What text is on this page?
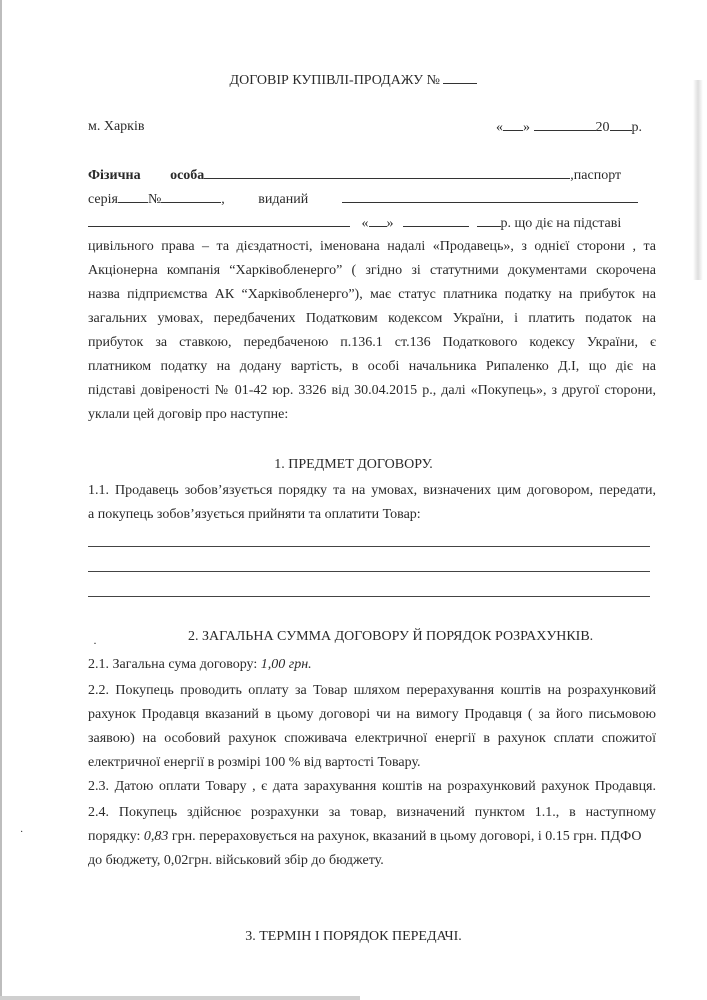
ДОГОВІР КУПІВЛІ-ПРОДАЖУ №
м. Харків	« »	20 р.
Фізична особа	,паспорт
серія №	, виданий
« »	р. що діє на підставі
цивільного права – та дієздатності, іменована надалі «Продавець», з однієї сторони , та
Акціонерна компанія “Харківобленерго” ( згідно зі статутними документами скорочена
назва підприємства АК “Харківобленерго”), має статус платника податку на прибуток на
загальних умовах, передбачених Податковим кодексом України, і платить податок на
прибуток за ставкою, передбаченою п.136.1 ст.136 Податкового кодексу України, є
платником податку на додану вартість, в особі начальника Рипаленко Д.І, що діє на
підставі довіреності № 01-42 юр. 3326 від 30.04.2015 р., далі «Покупець», з другої сторони,
уклали цей договір про наступне:
1. ПРЕДМЕТ ДОГОВОРУ.
1.1. Продавець зобов’язується порядку та на умовах, визначених цим договором, передати,
а покупець зобов’язується прийняти та оплатити Товар:
·	2. ЗАГАЛЬНА СУММА ДОГОВОРУ Й ПОРЯДОК РОЗРАХУНКІВ.
2.1. Загальна сума договору: 1,00 грн.
2.2. Покупець проводить оплату за Товар шляхом перерахування коштів на розрахунковий
рахунок Продавця вказаний в цьому договорі чи на вимогу Продавця ( за його письмовою
заявою) на особовий рахунок споживача електричної енергії в рахунок сплати спожитої
електричної енергії в розмірі 100 % від вартості Товару.
2.3. Датою оплати Товару , є дата зарахування коштів на розрахунковий рахунок Продавця.
2.4. Покупець здійснює розрахунки за товар, визначений пунктом 1.1., в наступному
порядку: 0,83 грн. перераховується на рахунок, вказаний в цьому договорі, і 0.15 грн. ПДФО
до бюджету, 0,02грн. військовий збір до бюджету.
·
3. ТЕРМІН І ПОРЯДОК ПЕРЕДАЧІ.
